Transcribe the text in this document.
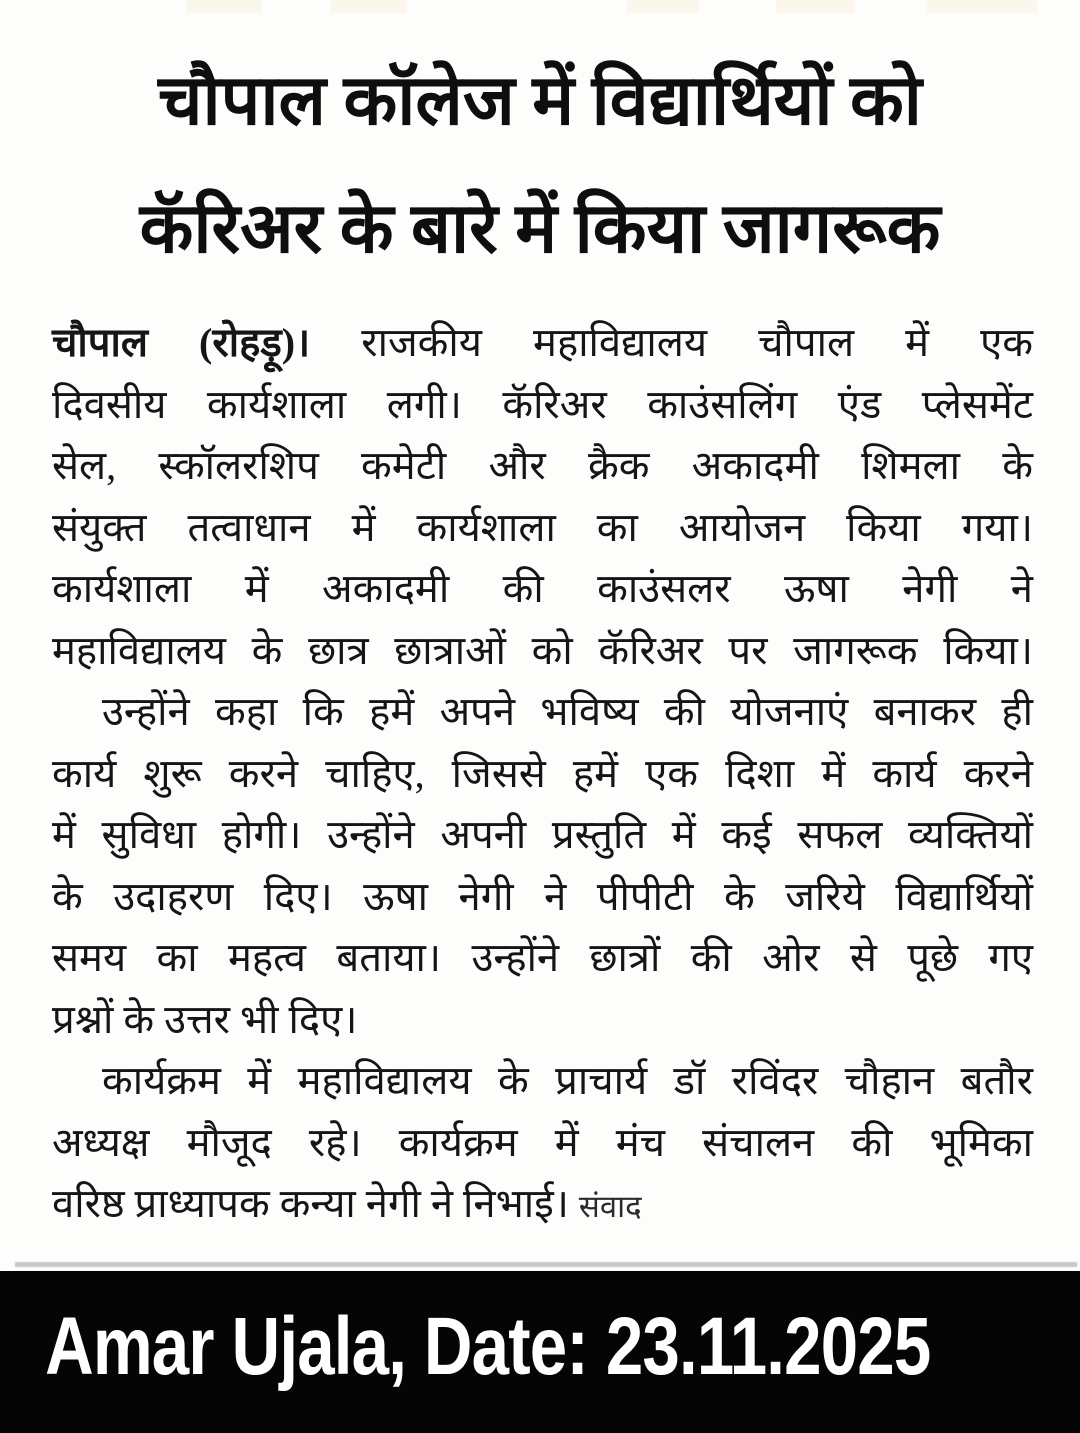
चौपाल कॉलेज में विद्यार्थियों को
कॅरिअर के बारे में किया जागरूक
चौपाल (रोहड़ू)। राजकीय महाविद्यालय चौपाल में एक
दिवसीय कार्यशाला लगी। कॅरिअर काउंसलिंग एंड प्लेसमेंट
सेल, स्कॉलरशिप कमेटी और क्रैक अकादमी शिमला के
संयुक्त तत्वाधान में कार्यशाला का आयोजन किया गया।
कार्यशाला में अकादमी की काउंसलर ऊषा नेगी ने
महाविद्यालय के छात्र छात्राओं को कॅरिअर पर जागरूक किया।
उन्होंने कहा कि हमें अपने भविष्य की योजनाएं बनाकर ही
कार्य शुरू करने चाहिए, जिससे हमें एक दिशा में कार्य करने
में सुविधा होगी। उन्होंने अपनी प्रस्तुति में कई सफल व्यक्तियों
के उदाहरण दिए। ऊषा नेगी ने पीपीटी के जरिये विद्यार्थियों
समय का महत्व बताया। उन्होंने छात्रों की ओर से पूछे गए
प्रश्नों के उत्तर भी दिए।
कार्यक्रम में महाविद्यालय के प्राचार्य डॉ रविंदर चौहान बतौर
अध्यक्ष मौजूद रहे। कार्यक्रम में मंच संचालन की भूमिका
वरिष्ठ प्राध्यापक कन्या नेगी ने निभाई। संवाद
Amar Ujala, Date: 23.11.2025
